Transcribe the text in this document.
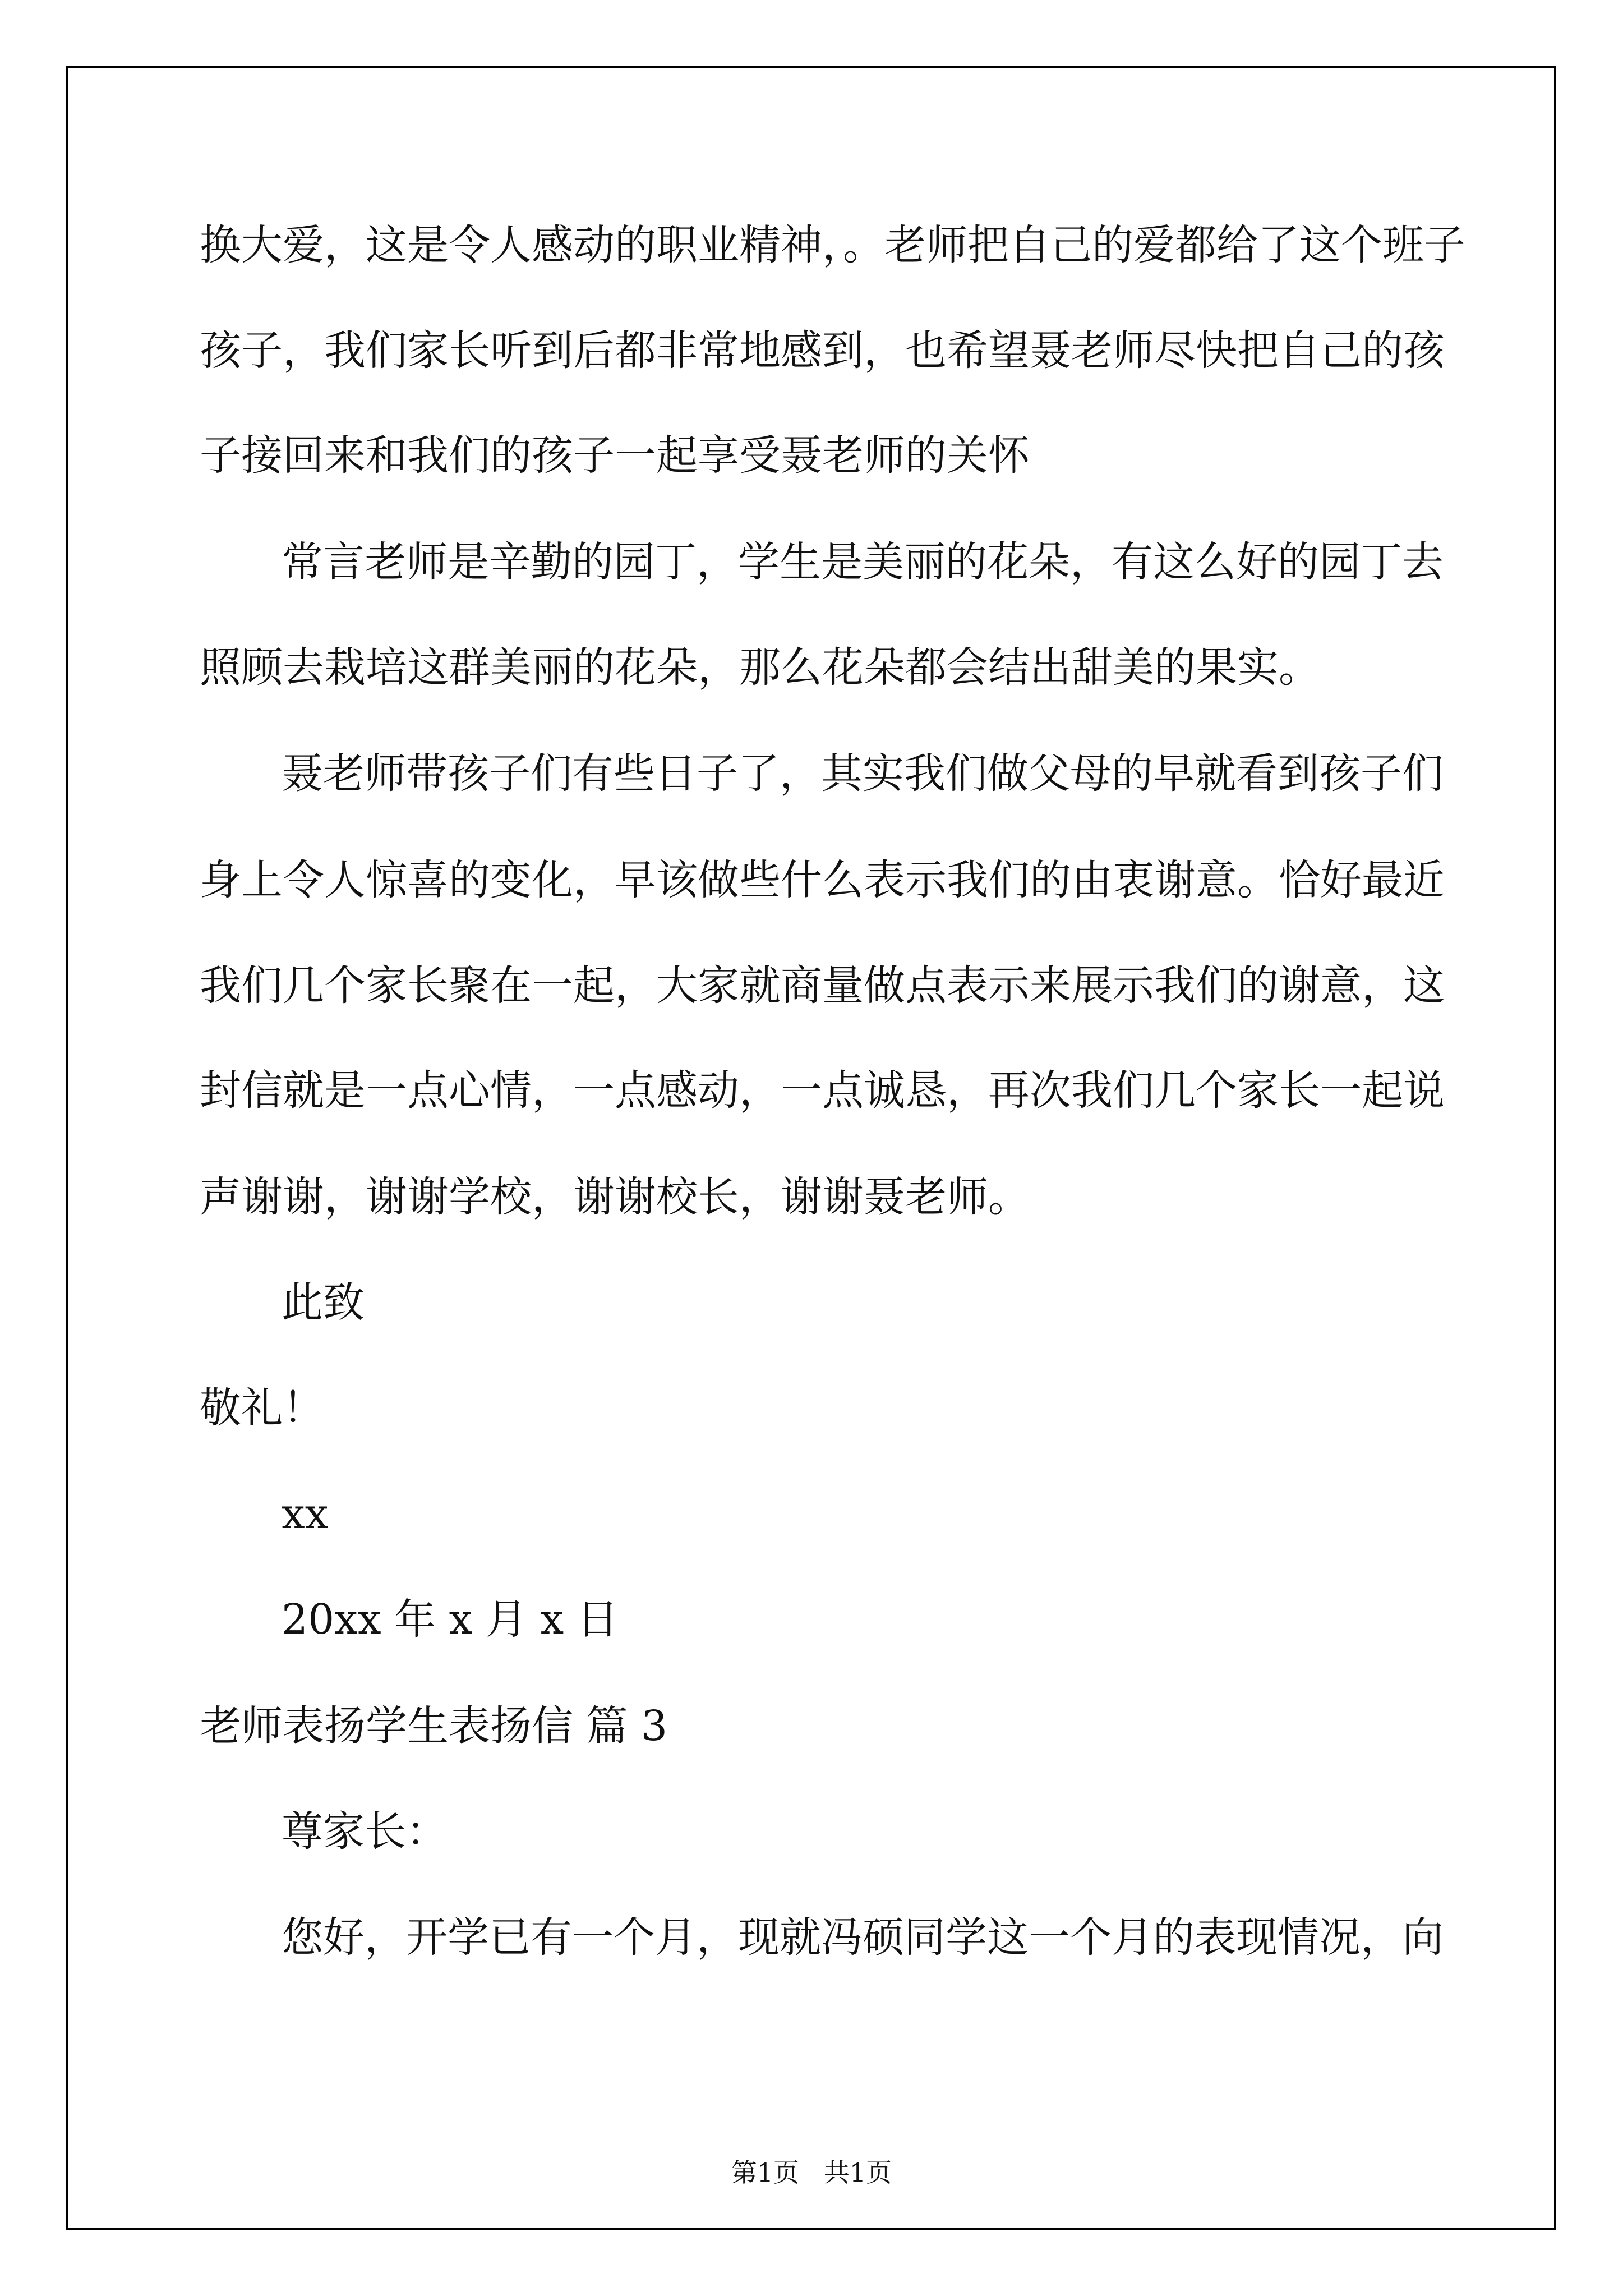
换大爱，这是令人感动的职业精神，。老师把自己的爱都给了这个班子
孩子，我们家长听到后都非常地感到，也希望聂老师尽快把自己的孩
子接回来和我们的孩子一起享受聂老师的关怀
常言老师是辛勤的园丁，学生是美丽的花朵，有这么好的园丁去
照顾去栽培这群美丽的花朵，那么花朵都会结出甜美的果实。
聂老师带孩子们有些日子了，其实我们做父母的早就看到孩子们
身上令人惊喜的变化，早该做些什么表示我们的由衷谢意。恰好最近
我们几个家长聚在一起，大家就商量做点表示来展示我们的谢意，这
封信就是一点心情，一点感动，一点诚恳，再次我们几个家长一起说
声谢谢，谢谢学校，谢谢校长，谢谢聂老师。
此致
敬礼！
xx
20xx 年 x 月 x 日
老师表扬学生表扬信 篇 3
尊家长：
您好，开学已有一个月，现就冯硕同学这一个月的表现情况，向
第1页   共1页
